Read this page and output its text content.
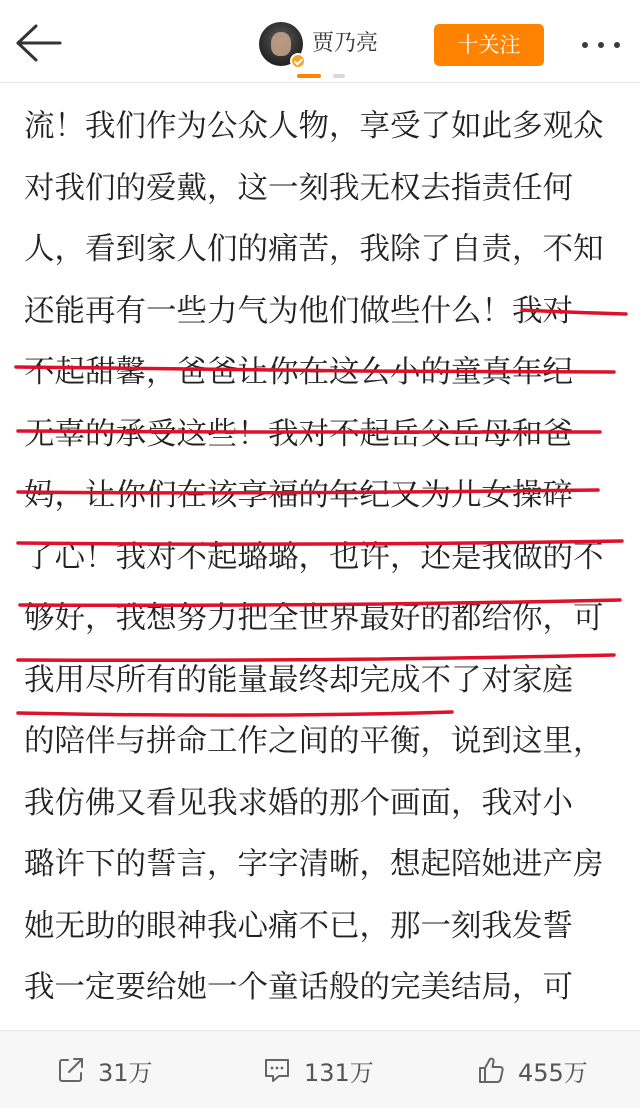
贾乃亮	十关注
流！我们作为公众人物，享受了如此多观众
对我们的爱戴，这一刻我无权去指责任何
人，看到家人们的痛苦，我除了自责，不知
还能再有一些力气为他们做些什么！我对
不起甜馨，爸爸让你在这么小的童真年纪
无辜的承受这些！我对不起岳父岳母和爸
妈，让你们在该享福的年纪又为儿女操碎
了心！我对不起璐璐，也许，还是我做的不
够好，我想努力把全世界最好的都给你，可
我用尽所有的能量最终却完成不了对家庭
的陪伴与拼命工作之间的平衡，说到这里，
我仿佛又看见我求婚的那个画面，我对小
璐许下的誓言，字字清晰，想起陪她进产房
她无助的眼神我心痛不已，那一刻我发誓
我一定要给她一个童话般的完美结局，可
31万	131万	455万
